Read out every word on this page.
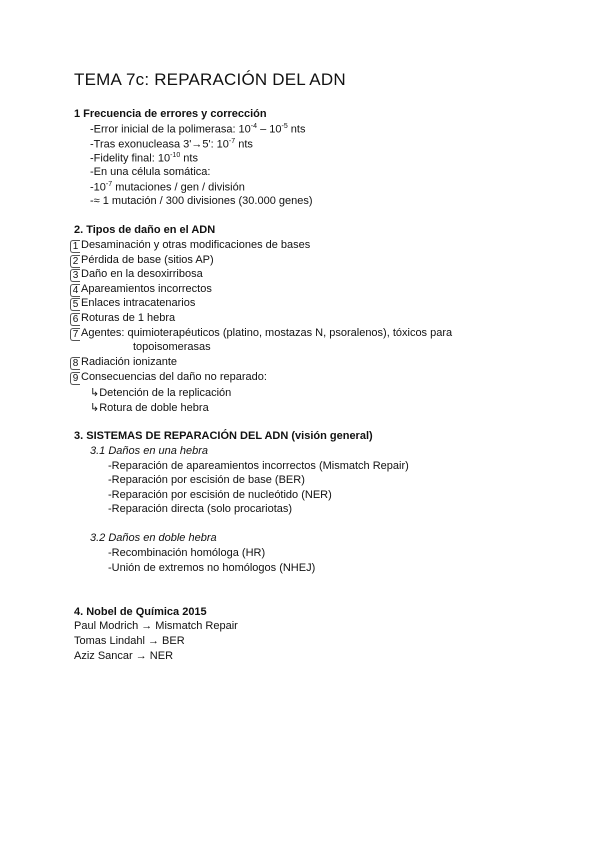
TEMA 7c: REPARACIÓN DEL ADN
1 Frecuencia de errores y corrección
-Error inicial de la polimerasa: $10^{-4} - 10^{-5}$ nts
-Tras exonucleasa 3'→5': $10^{-7}$ nts
-Fidelity final: $10^{-10}$ nts
-En una célula somática:
$-10^{-7}$ mutaciones / gen / división
-≈ 1 mutación / 300 divisiones (30.000 genes)
2. Tipos de daño en el ADN
1 Desaminación y otras modificaciones de bases
2 Pérdida de base (sitios AP)
3 Daño en la desoxirribosa
4 Apareamientos incorrectos
5 Enlaces intracatenarios
6 Roturas de 1 hebra
7 Agentes: quimioterapéuticos (platino, mostazas N, psoralenos), tóxicos para
topoisomerasas
8 Radiación ionizante
9 Consecuencias del daño no reparado:
↳Detención de la replicación
↳Rotura de doble hebra
3. SISTEMAS DE REPARACIÓN DEL ADN (visión general)
3.1 Daños en una hebra
-Reparación de apareamientos incorrectos (Mismatch Repair)
-Reparación por escisión de base (BER)
-Reparación por escisión de nucleótido (NER)
-Reparación directa (solo procariotas)
3.2 Daños en doble hebra
-Recombinación homóloga (HR)
-Unión de extremos no homólogos (NHEJ)
4. Nobel de Química 2015
Paul Modrich → Mismatch Repair
Tomas Lindahl → BER
Aziz Sancar → NER
